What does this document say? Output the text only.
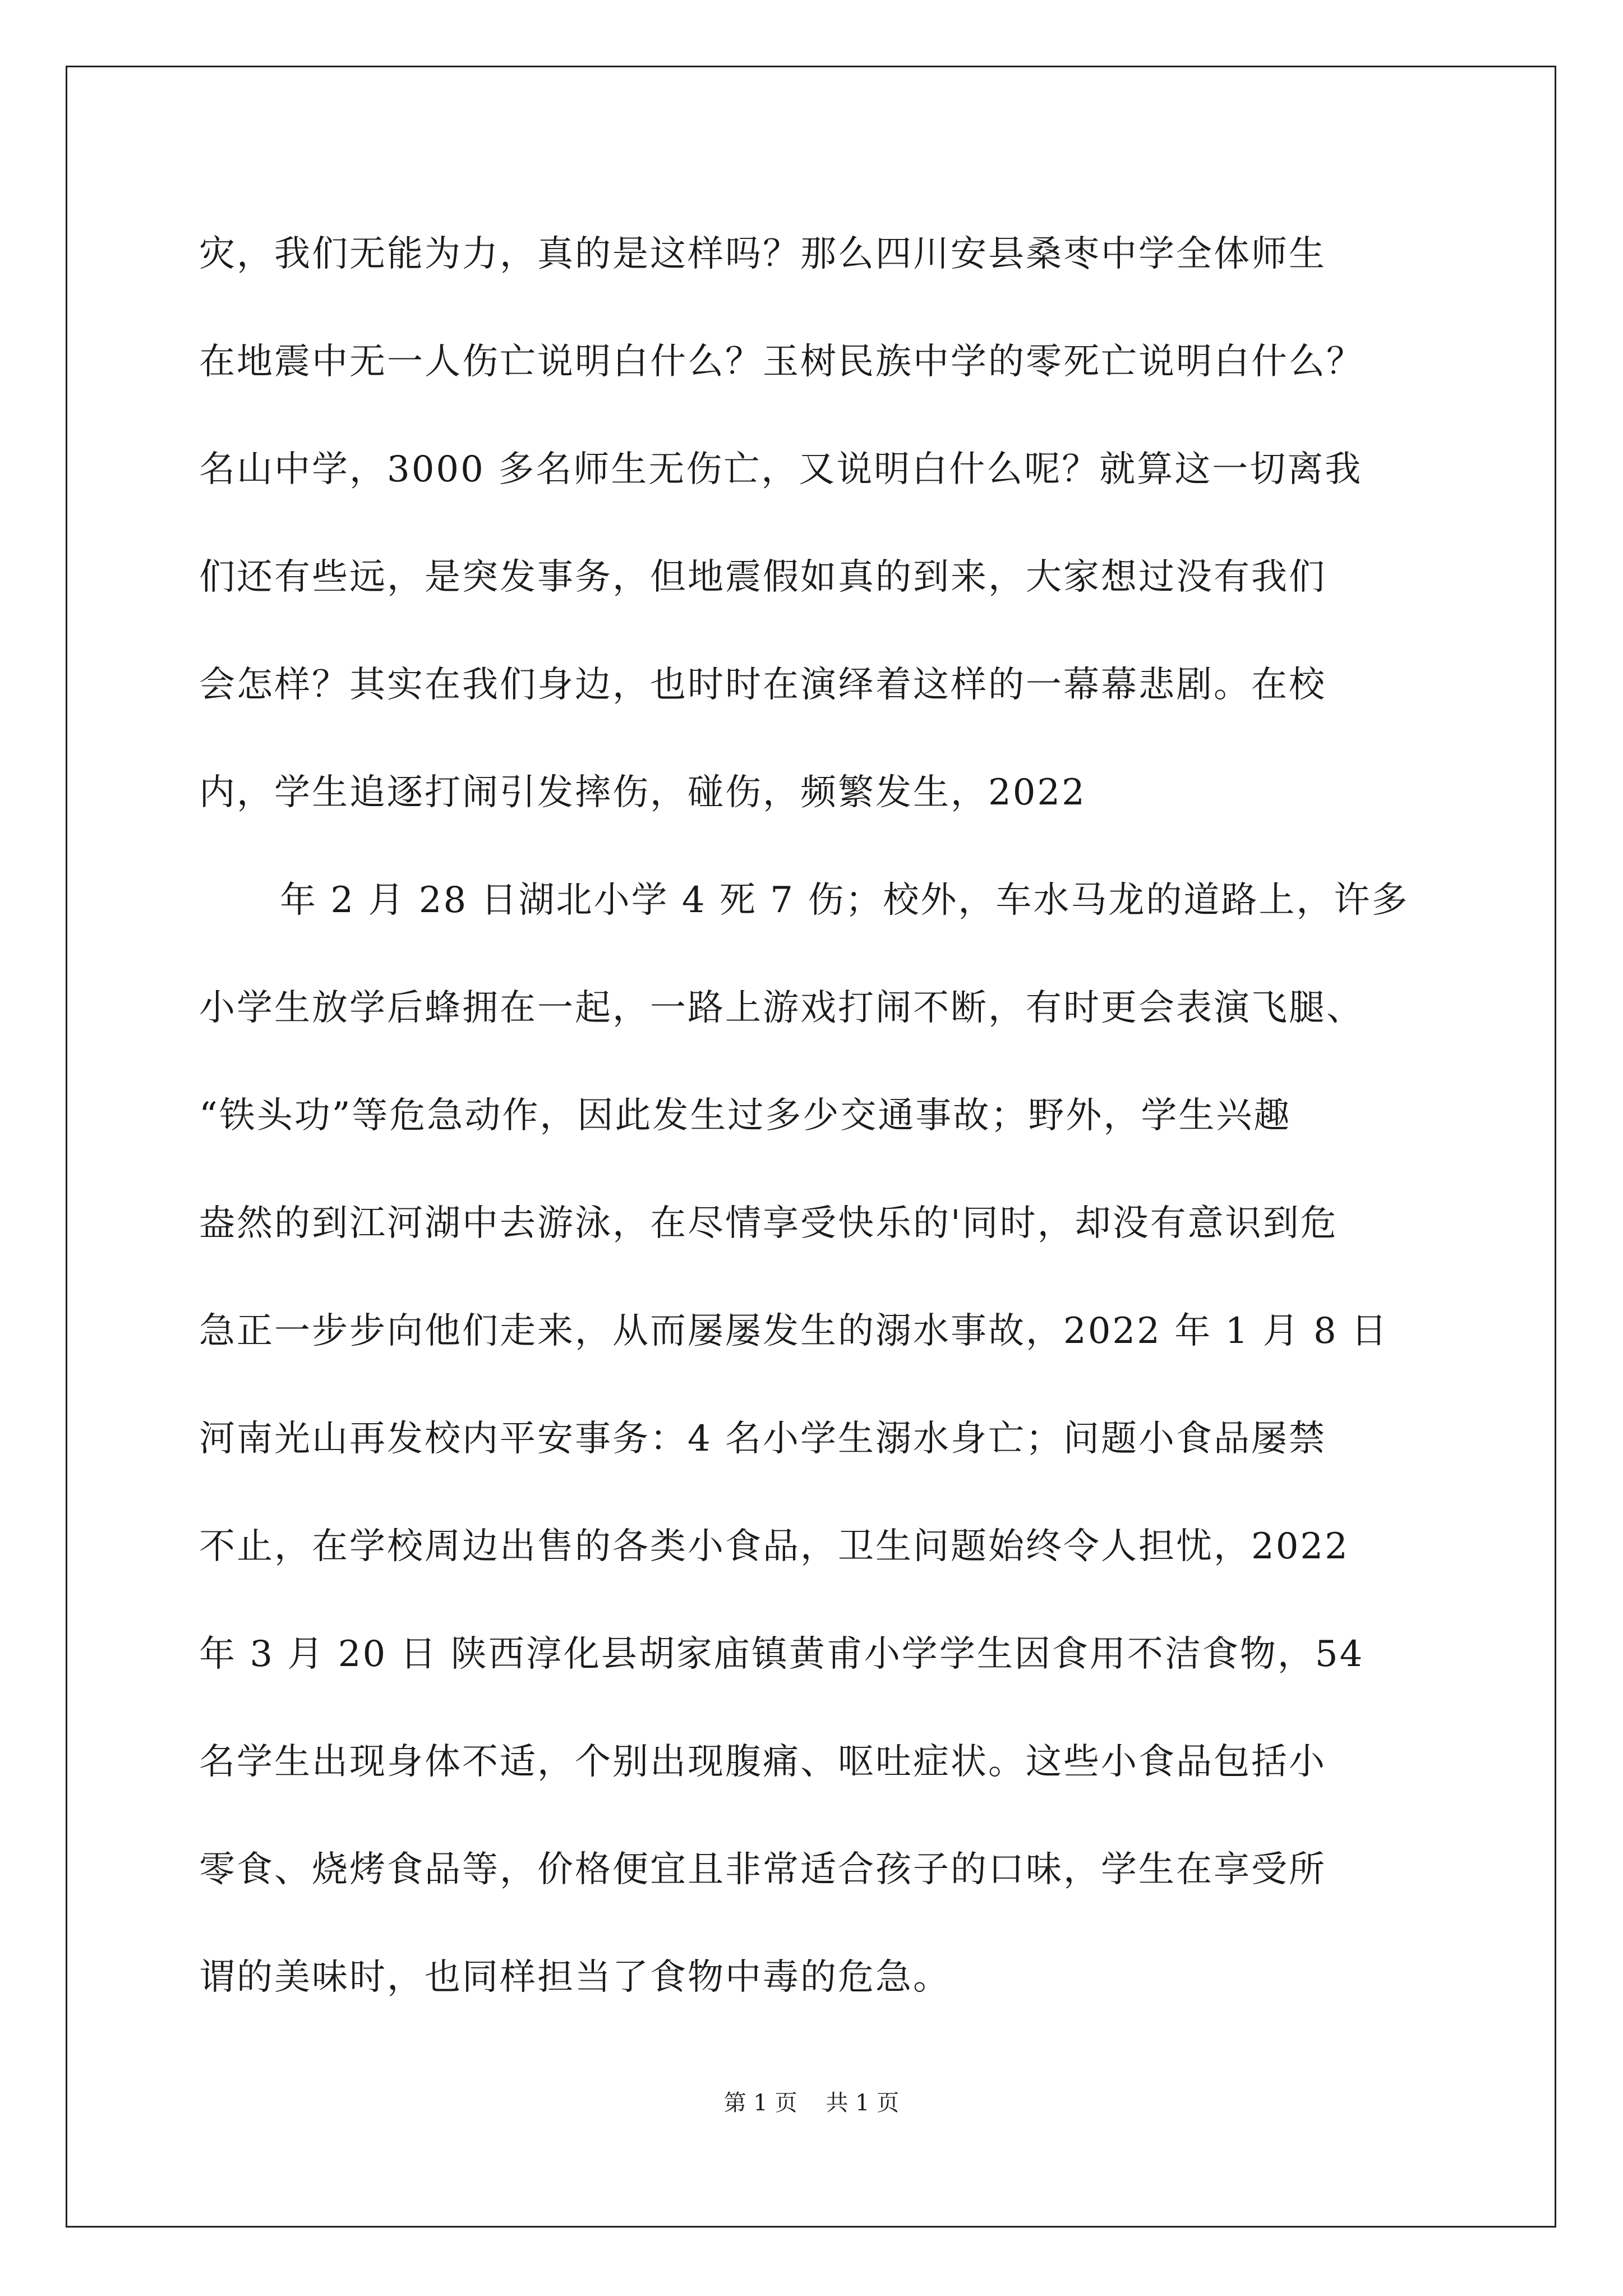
灾，我们无能为力，真的是这样吗？那么四川安县桑枣中学全体师生
在地震中无一人伤亡说明白什么？玉树民族中学的零死亡说明白什么？
名山中学，3000 多名师生无伤亡，又说明白什么呢？就算这一切离我
们还有些远，是突发事务，但地震假如真的到来，大家想过没有我们
会怎样？其实在我们身边，也时时在演绎着这样的一幕幕悲剧。在校
内，学生追逐打闹引发摔伤，碰伤，频繁发生，2022
年 2 月 28 日湖北小学 4 死 7 伤；校外，车水马龙的道路上，许多
小学生放学后蜂拥在一起，一路上游戏打闹不断，有时更会表演飞腿、
“铁头功”等危急动作，因此发生过多少交通事故；野外，学生兴趣
盎然的到江河湖中去游泳，在尽情享受快乐的'同时，却没有意识到危
急正一步步向他们走来，从而屡屡发生的溺水事故，2022 年 1 月 8 日
河南光山再发校内平安事务：4 名小学生溺水身亡；问题小食品屡禁
不止，在学校周边出售的各类小食品，卫生问题始终令人担忧，2022
年 3 月 20 日 陕西淳化县胡家庙镇黄甫小学学生因食用不洁食物，54
名学生出现身体不适，个别出现腹痛、呕吐症状。这些小食品包括小
零食、烧烤食品等，价格便宜且非常适合孩子的口味，学生在享受所
谓的美味时，也同样担当了食物中毒的危急。
第 1 页    共 1 页
